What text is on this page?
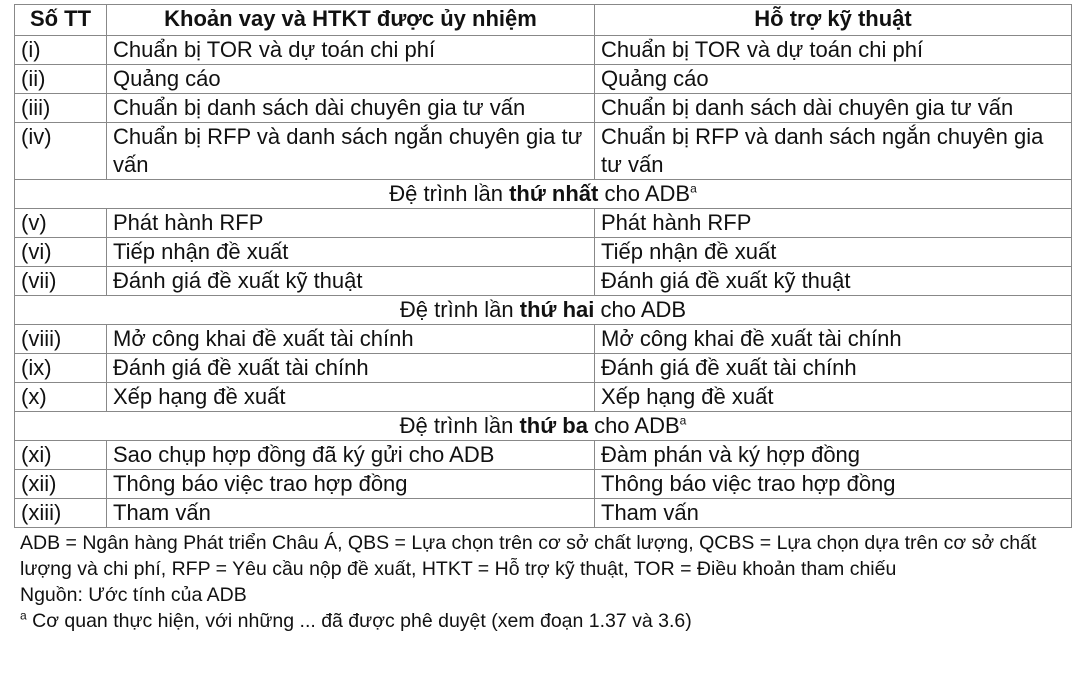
Số TT	Khoản vay và HTKT được ủy nhiệm	Hỗ trợ kỹ thuật
(i)	Chuẩn bị TOR và dự toán chi phí	Chuẩn bị TOR và dự toán chi phí
(ii)	Quảng cáo	Quảng cáo
(iii)	Chuẩn bị danh sách dài chuyên gia tư vấn	Chuẩn bị danh sách dài chuyên gia tư vấn
(iv)	Chuẩn bị RFP và danh sách ngắn chuyên gia tư vấn	Chuẩn bị RFP và danh sách ngắn chuyên gia tư vấn
Đệ trình lần thứ nhất cho ADB$^a$
(v)	Phát hành RFP	Phát hành RFP
(vi)	Tiếp nhận đề xuất	Tiếp nhận đề xuất
(vii)	Đánh giá đề xuất kỹ thuật	Đánh giá đề xuất kỹ thuật
Đệ trình lần thứ hai cho ADB		
(viii)	Mở công khai đề xuất tài chính	Mở công khai đề xuất tài chính
(ix)	Đánh giá đề xuất tài chính	Đánh giá đề xuất tài chính
(x)	Xếp hạng đề xuất	Xếp hạng đề xuất
Đệ trình lần thứ ba cho ADB$^a$
(xi)	Sao chụp hợp đồng đã ký gửi cho ADB	Đàm phán và ký hợp đồng
(xii)	Thông báo việc trao hợp đồng	Thông báo việc trao hợp đồng
(xiii)	Tham vấn	Tham vấn
ADB = Ngân hàng Phát triển Châu Á, QBS = Lựa chọn trên cơ sở chất lượng, QCBS = Lựa chọn dựa trên cơ sở chất lượng và chi phí, RFP = Yêu cầu nộp đề xuất, HTKT = Hỗ trợ kỹ thuật, TOR = Điều khoản tham chiếu
Nguồn: Ước tính của ADB
$^a$ Cơ quan thực hiện, với những ... đã được phê duyệt (xem đoạn 1.37 và 3.6)
